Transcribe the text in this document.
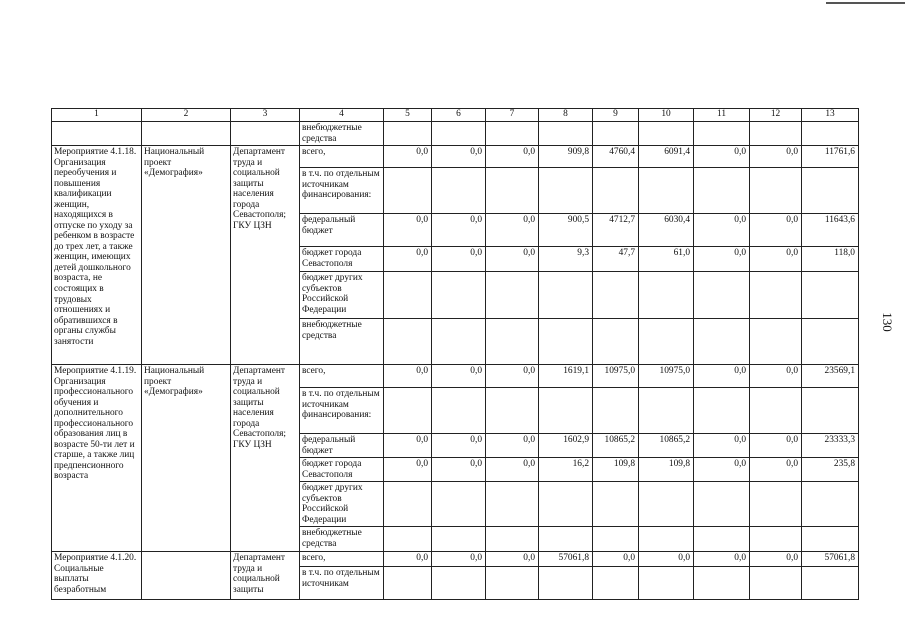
130
1	2	3	4	5	6	7	8	9	10	11	12	13
			внебюджетные средства									
Мероприятие 4.1.18. Организация переобучения и повышения квалификации женщин, находящихся в отпуске по уходу за ребенком в возрасте до трех лет, а также женщин, имеющих детей дошкольного возраста, не состоящих в трудовых отношениях и обратившихся в органы службы занятости	Национальный проект «Демография»	Департамент труда и социальной защиты населения города Севастополя; ГКУ ЦЗН	всего,	0,0	0,0	0,0	909,8	4760,4	6091,4	0,0	0,0	11761,6
			в т.ч. по отдельным источникам финансирования:									
			федеральный бюджет	0,0	0,0	0,0	900,5	4712,7	6030,4	0,0	0,0	11643,6
			бюджет города Севастополя	0,0	0,0	0,0	9,3	47,7	61,0	0,0	0,0	118,0
			бюджет других субъектов Российской Федерации									
			внебюджетные средства									
Мероприятие 4.1.19. Организация профессионального обучения и дополнительного профессионального образования лиц в возрасте 50-ти лет и старше, а также лиц предпенсионного возраста	Национальный проект «Демография»	Департамент труда и социальной защиты населения города Севастополя; ГКУ ЦЗН	всего,	0,0	0,0	0,0	1619,1	10975,0	10975,0	0,0	0,0	23569,1
			в т.ч. по отдельным источникам финансирования:									
			федеральный бюджет	0,0	0,0	0,0	1602,9	10865,2	10865,2	0,0	0,0	23333,3
			бюджет города Севастополя	0,0	0,0	0,0	16,2	109,8	109,8	0,0	0,0	235,8
			бюджет других субъектов Российской Федерации									
			внебюджетные средства									
Мероприятие 4.1.20. Социальные выплаты безработным		Департамент труда и социальной защиты	всего,	0,0	0,0	0,0	57061,8	0,0	0,0	0,0	0,0	57061,8
			в т.ч. по отдельным источникам									
